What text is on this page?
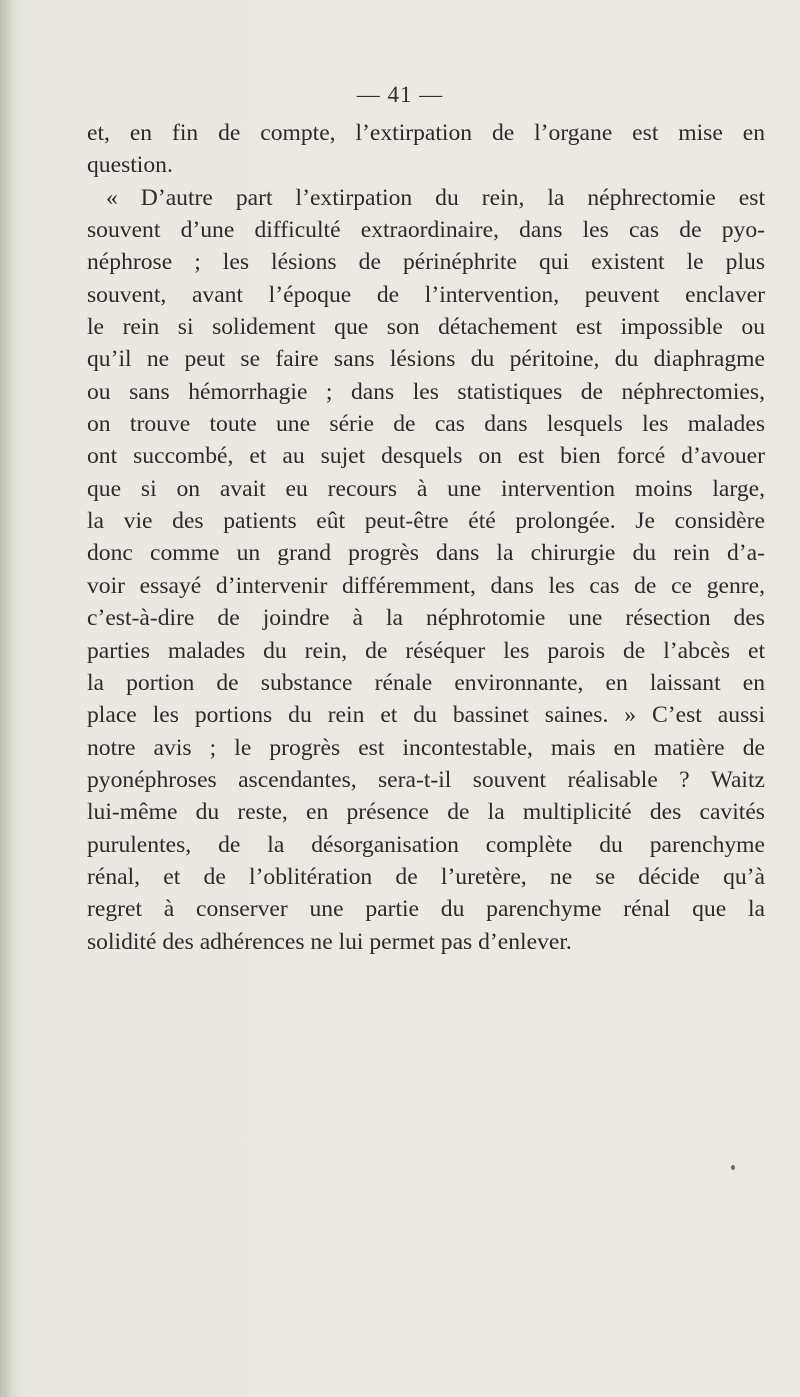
— 41 —
et, en fin de compte, l’extirpation de l’organe est mise en
question.
« D’autre part l’extirpation du rein, la néphrectomie est
souvent d’une difficulté extraordinaire, dans les cas de pyo-
néphrose ; les lésions de périnéphrite qui existent le plus
souvent, avant l’époque de l’intervention, peuvent enclaver
le rein si solidement que son détachement est impossible ou
qu’il ne peut se faire sans lésions du péritoine, du diaphragme
ou sans hémorrhagie ; dans les statistiques de néphrectomies,
on trouve toute une série de cas dans lesquels les malades
ont succombé, et au sujet desquels on est bien forcé d’avouer
que si on avait eu recours à une intervention moins large,
la vie des patients eût peut-être été prolongée. Je considère
donc comme un grand progrès dans la chirurgie du rein d’a-
voir essayé d’intervenir différemment, dans les cas de ce genre,
c’est-à-dire de joindre à la néphrotomie une résection des
parties malades du rein, de réséquer les parois de l’abcès et
la portion de substance rénale environnante, en laissant en
place les portions du rein et du bassinet saines. » C’est aussi
notre avis ; le progrès est incontestable, mais en matière de
pyonéphroses ascendantes, sera-t-il souvent réalisable ? Waitz
lui-même du reste, en présence de la multiplicité des cavités
purulentes, de la désorganisation complète du parenchyme
rénal, et de l’oblitération de l’uretère, ne se décide qu’à
regret à conserver une partie du parenchyme rénal que la
solidité des adhérences ne lui permet pas d’enlever.
